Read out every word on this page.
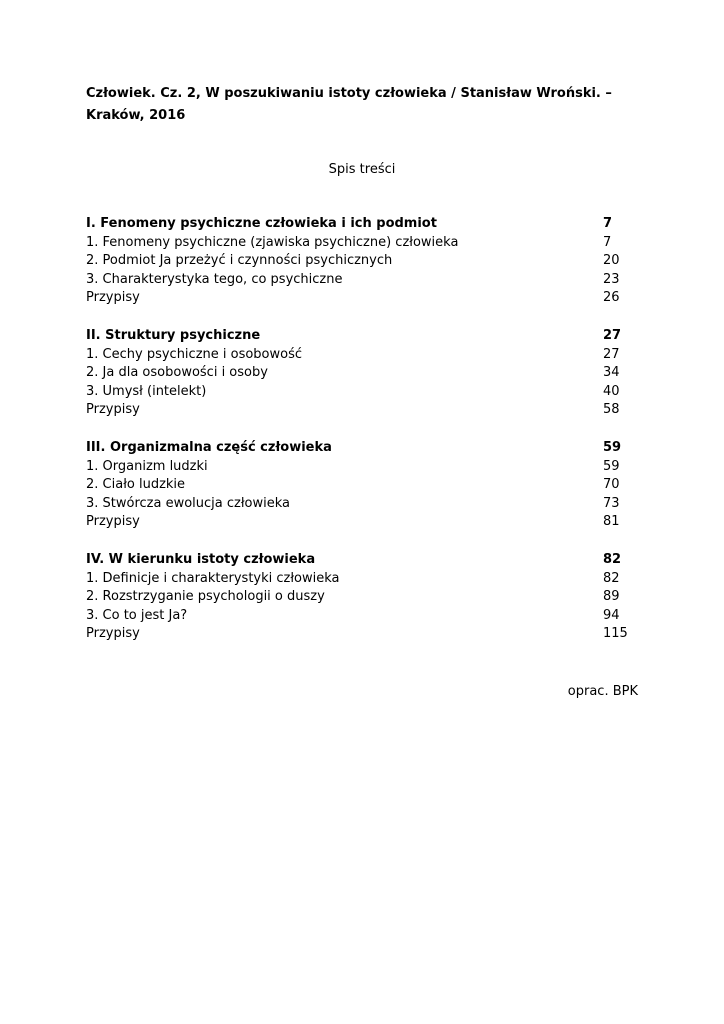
Człowiek. Cz. 2, W poszukiwaniu istoty człowieka / Stanisław Wroński. – Kraków, 2016

Spis treści

I. Fenomeny psychiczne człowieka i ich podmiot	7
1. Fenomeny psychiczne (zjawiska psychiczne) człowieka	7
2. Podmiot Ja przeżyć i czynności psychicznych	20
3. Charakterystyka tego, co psychiczne	23
Przypisy	26
II. Struktury psychiczne	27
1. Cechy psychiczne i osobowość	27
2. Ja dla osobowości i osoby	34
3. Umysł (intelekt)	40
Przypisy	58
III. Organizmalna część człowieka	59
1. Organizm ludzki	59
2. Ciało ludzkie	70
3. Stwórcza ewolucja człowieka	73
Przypisy	81
IV. W kierunku istoty człowieka	82
1. Definicje i charakterystyki człowieka	82
2. Rozstrzyganie psychologii o duszy	89
3. Co to jest Ja?	94
Przypisy	115
oprac. BPK
